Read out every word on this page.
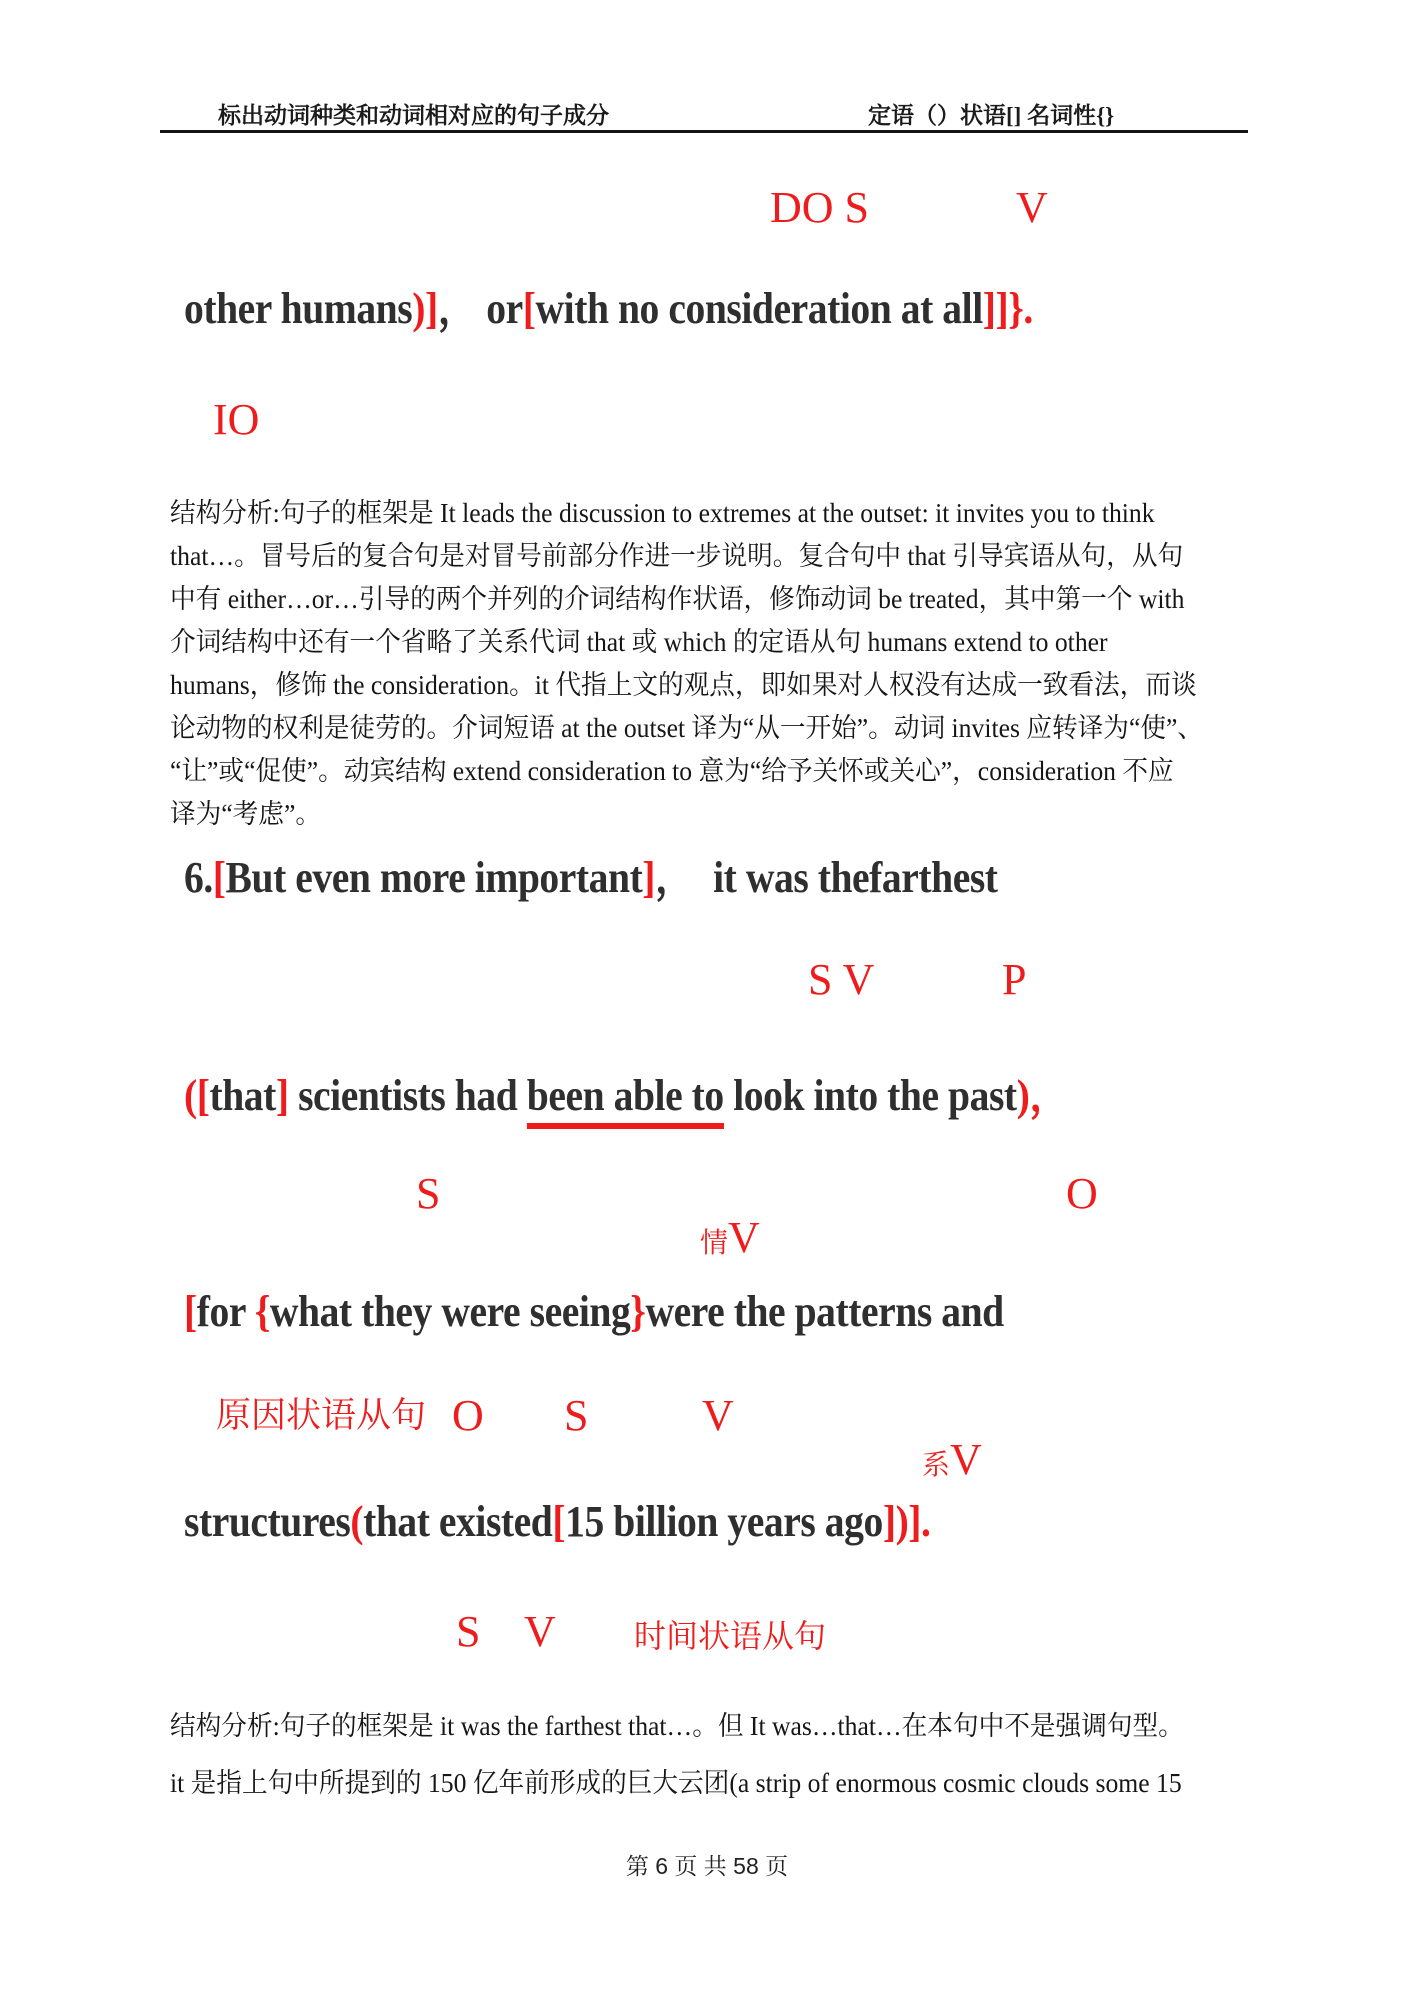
标出动词种类和动词相对应的句子成分	定语（）状语[] 名词性{}
DO S	V
other humans)]， or[with no consideration at all]]}.
IO
结构分析:句子的框架是 It leads the discussion to extremes at the outset: it invites you to think
that…。冒号后的复合句是对冒号前部分作进一步说明。复合句中 that 引导宾语从句，从句
中有 either…or…引导的两个并列的介词结构作状语，修饰动词 be treated，其中第一个 with
介词结构中还有一个省略了关系代词 that 或 which 的定语从句 humans extend to other
humans，修饰 the consideration。it 代指上文的观点，即如果对人权没有达成一致看法，而谈
论动物的权利是徒劳的。介词短语 at the outset 译为“从一开始”。动词 invites 应转译为“使”、
“让”或“促使”。动宾结构 extend consideration to 意为“给予关怀或关心”，consideration 不应
译为“考虑”。
6.[But even more important]，  it was thefarthest
S V	P
([that] scientists had been able to look into the past)，
S

情V

O
[for {what they were seeing}were the patterns and
原因状语从句 O S	V

系V

structures(that existed[15 billion years ago])].
S V 时间状语从句
结构分析:句子的框架是 it was the farthest that…。但 It was…that…在本句中不是强调句型。
it 是指上句中所提到的 150 亿年前形成的巨大云团(a strip of enormous cosmic clouds some 15
第 6 页 共 58 页
